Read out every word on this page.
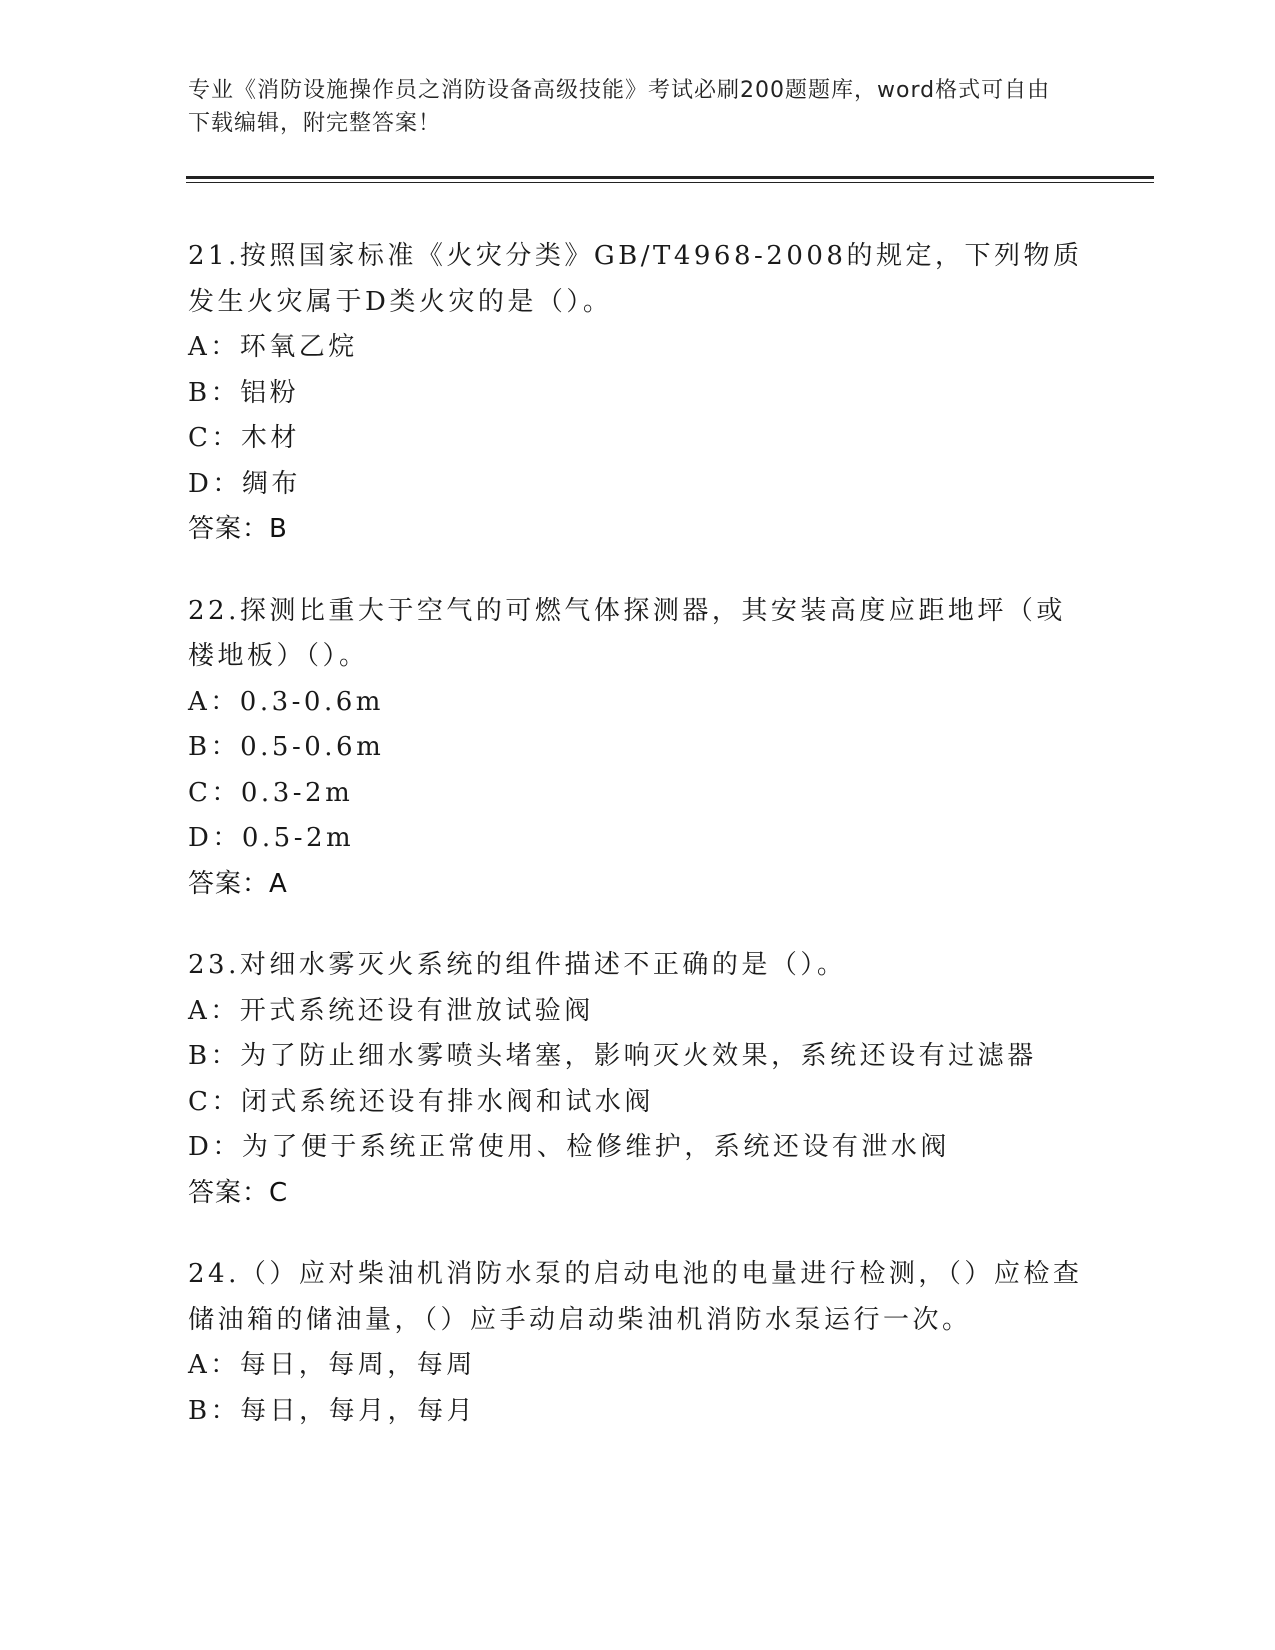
专业《消防设施操作员之消防设备高级技能》考试必刷200题题库，word格式可自由下载编辑，附完整答案！

21.按照国家标准《火灾分类》GB/T4968-2008的规定，下列物质发生火灾属于D类火灾的是（）。

A：环氧乙烷

B：铝粉

C：木材

D：绸布

答案：B

22.探测比重大于空气的可燃气体探测器，其安装高度应距地坪（或楼地板）（）。

A：0.3-0.6m

B：0.5-0.6m

C：0.3-2m

D：0.5-2m

答案：A

23.对细水雾灭火系统的组件描述不正确的是（）。

A：开式系统还设有泄放试验阀

B：为了防止细水雾喷头堵塞，影响灭火效果，系统还设有过滤器

C：闭式系统还设有排水阀和试水阀

D：为了便于系统正常使用、检修维护，系统还设有泄水阀

答案：C

24.（）应对柴油机消防水泵的启动电池的电量进行检测，（）应检查储油箱的储油量，（）应手动启动柴油机消防水泵运行一次。

A：每日，每周，每周

B：每日，每月，每月
